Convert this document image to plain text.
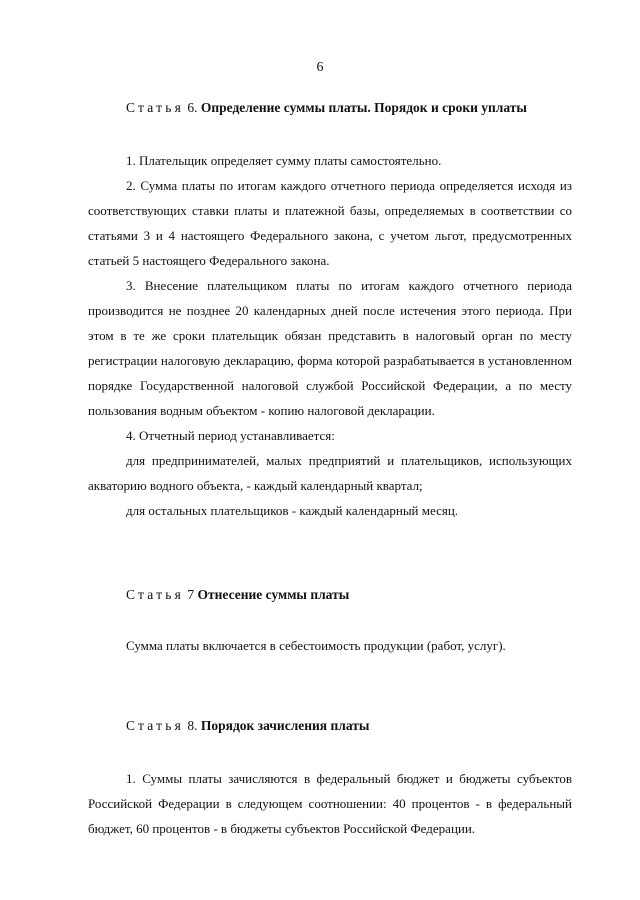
6
Статья 6. Определение суммы платы. Порядок и сроки уплаты

1. Плательщик определяет сумму платы самостоятельно.

2. Сумма платы по итогам каждого отчетного периода определяется исходя из соответствующих ставки платы и платежной базы, определяемых в соответствии со статьями 3 и 4 настоящего Федерального закона, с учетом льгот, предусмотренных статьей 5 настоящего Федерального закона.

3. Внесение плательщиком платы по итогам каждого отчетного периода производится не позднее 20 календарных дней после истечения этого периода. При этом в те же сроки плательщик обязан представить в налоговый орган по месту регистрации налоговую декларацию, форма которой разрабатывается в установленном порядке Государственной налоговой службой Российской Федерации, а по месту пользования водным объектом - копию налоговой декларации.

4. Отчетный период устанавливается:

для предпринимателей, малых предприятий и плательщиков, использующих акваторию водного объекта, - каждый календарный квартал;

для остальных плательщиков - каждый календарный месяц.

Статья 7 Отнесение суммы платы

Сумма платы включается в себестоимость продукции (работ, услуг).

Статья 8. Порядок зачисления платы

1. Суммы платы зачисляются в федеральный бюджет и бюджеты субъектов Российской Федерации в следующем соотношении: 40 процентов - в федеральный бюджет, 60 процентов - в бюджеты субъектов Российской Федерации.
